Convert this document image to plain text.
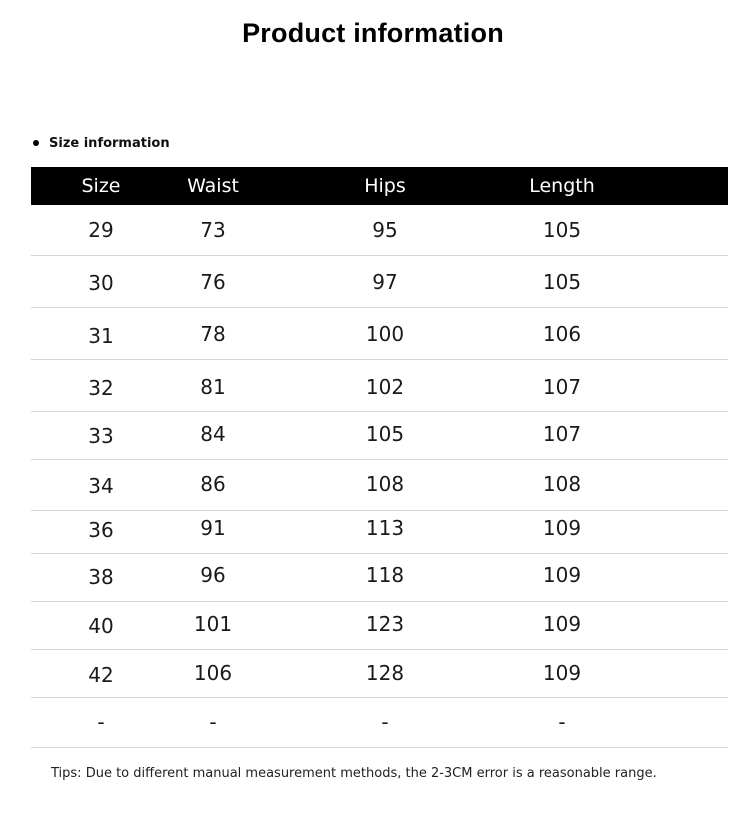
Product information
Size information
Size	Waist	Hips	Length
29	73	95	105
30	76	97	105
31	78	100	106
32	81	102	107
33	84	105	107
34	86	108	108
36	91	113	109
38	96	118	109
40	101	123	109
42	106	128	109
-	-	-	-
Tips: Due to different manual measurement methods, the 2-3CM error is a reasonable range.
